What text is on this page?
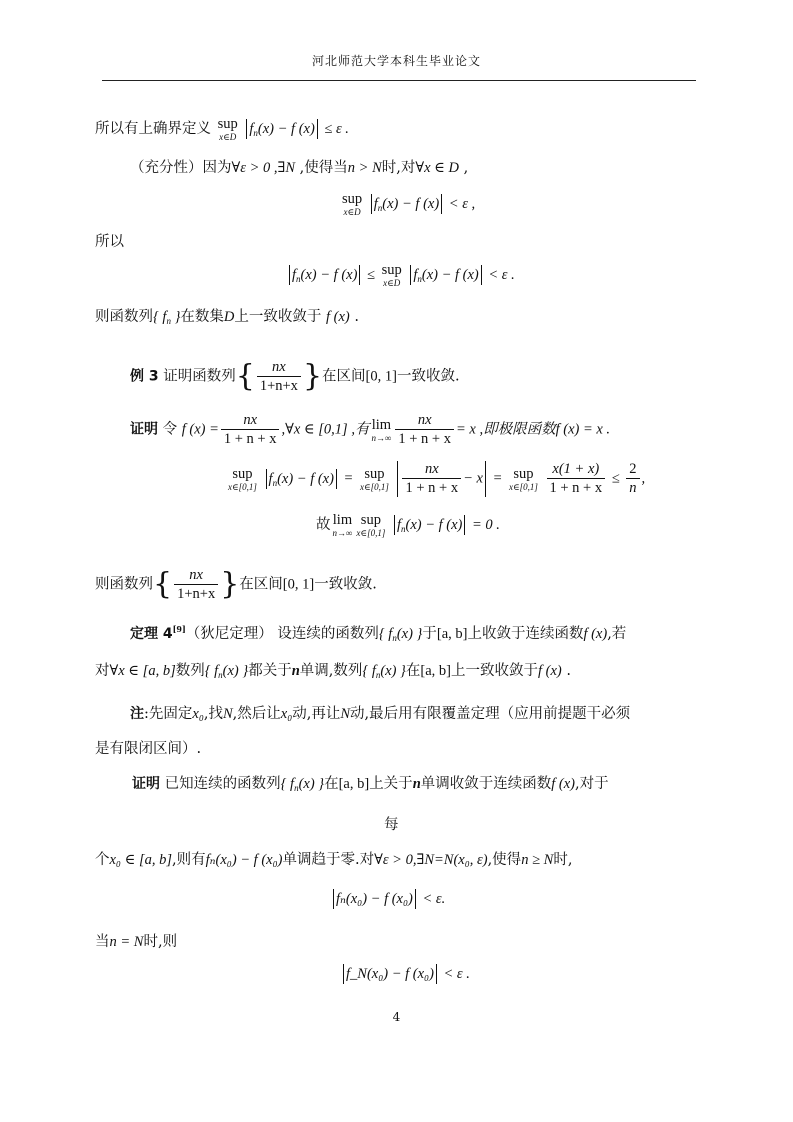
河北师范大学本科生毕业论文
所以有上确界定义 sup
x∈D $f_n(x) - f$ (x) ≤ ε .
（充分性）因为∀ε > 0 ,∃N ,使得当n > N时,对∀x ∈ D ,
sup
x∈D $f_n(x) - f$ (x) < ε ,
所以
$f_n(x) - f$ (x) ≤ sup
x∈D $f_n(x) - f$ (x) < ε .
则函数列{ $f_n$ }在数集D上一致收敛于 f (x) .
例 3 证明函数列{ $\frac{nx}{1+n+x}$ }在区间[0, 1]一致收敛.
证明 令 f $(x) = \frac{nx}{1 + n + x}$ ,∀x ∈ [0,1] ,有 lim
$n\to\infty \frac{nx}{1 + n + x} = x$ ,即极限函数f (x) = x .
sup
x∈[0,1] $f_n(x) - f$ (x) = sup
x∈[0,1]
$\frac{nx}{1 + n + x} - x$ = sup
x∈[0,1]
$\frac{x(1 + x)}{1 + n + x} \le \frac{2}{n}$ ,
故 lim
n→∞
sup
x∈[0,1] $f_n(x) - f$ (x) = 0 .
则函数列{ $\frac{nx}{1+n+x}$ }在区间[0, 1]一致收敛.
定理 4[9]（狄尼定理） 设连续的函数列{ $f_n(x)$ }于[a, b]上收敛于连续函数f (x),若
对∀x ∈ [a, b]数列{ $f_n(x)$ }都关于n单调,数列{ $f_n(x)$ }在[a, b]上一致收敛于f (x) .
注:先固定x₀,找N,然后让x₀动,再让N动,最后用有限覆盖定理（应用前提题干必须
是有限闭区间）.
证明 已知连续的函数列{ $f_n(x)$ }在[a, b]上关于n单调收敛于连续函数f (x),对于
每
个x₀ ∈ [a, b],则有fₙ(x₀) − f (x₀)单调趋于零.对∀ε > 0,∃N=N(x₀, ε),使得n ≥ N时,
fₙ(x₀) − f (x₀) < ε.
当n = N时,则
f_N(x₀) − f (x₀) < ε .
4
